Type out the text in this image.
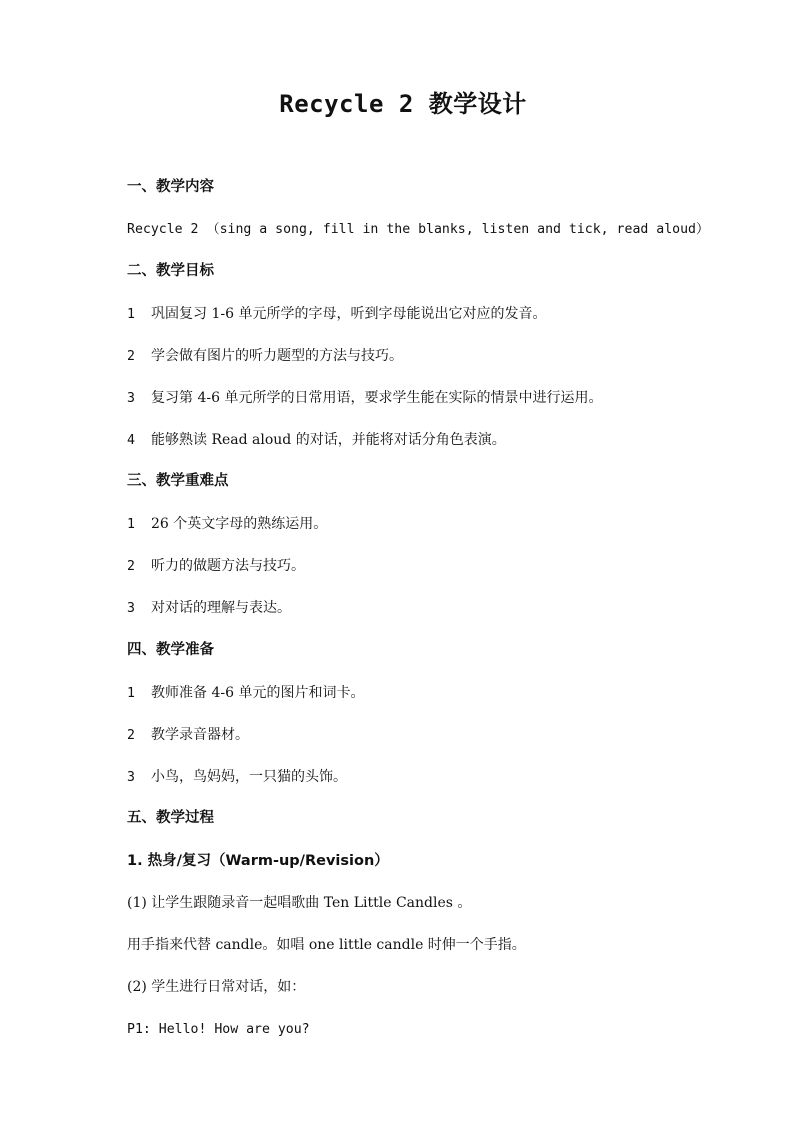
Recycle 2 教学设计

一、教学内容

Recycle 2 （sing a song, fill in the blanks, listen and tick, read aloud）

二、教学目标

1 巩固复习 1-6 单元所学的字母，听到字母能说出它对应的发音。

2 学会做有图片的听力题型的方法与技巧。

3 复习第 4-6 单元所学的日常用语，要求学生能在实际的情景中进行运用。

4 能够熟读 Read aloud 的对话，并能将对话分角色表演。

三、教学重难点

1 26 个英文字母的熟练运用。

2 听力的做题方法与技巧。

3 对对话的理解与表达。

四、教学准备

1 教师准备 4-6 单元的图片和词卡。

2 教学录音器材。

3 小鸟，鸟妈妈，一只猫的头饰。

五、教学过程

1. 热身/复习（Warm-up/Revision）

(1) 让学生跟随录音一起唱歌曲 Ten Little Candles 。

用手指来代替 candle。如唱 one little candle 时伸一个手指。

(2) 学生进行日常对话，如：

P1: Hello! How are you?
